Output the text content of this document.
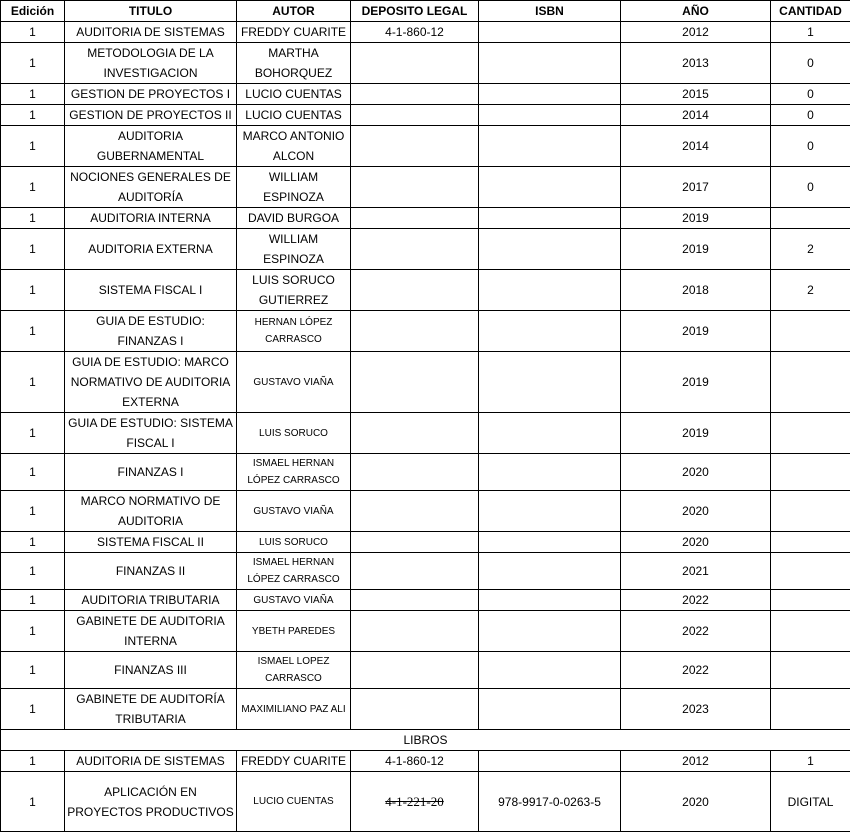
Edición	TITULO	AUTOR	DEPOSITO LEGAL	ISBN	AÑO	CANTIDAD
1	AUDITORIA DE SISTEMAS	FREDDY CUARITE	4-1-860-12		2012	1
1	METODOLOGIA DE LA INVESTIGACION	MARTHA BOHORQUEZ			2013	0
1	GESTION DE PROYECTOS I	LUCIO CUENTAS			2015	0
1	GESTION DE PROYECTOS II	LUCIO CUENTAS			2014	0
1	AUDITORIA GUBERNAMENTAL	MARCO ANTONIO ALCON			2014	0
1	NOCIONES GENERALES DE AUDITORÍA	WILLIAM ESPINOZA			2017	0
1	AUDITORIA INTERNA	DAVID BURGOA			2019	
1	AUDITORIA EXTERNA	WILLIAM ESPINOZA			2019	2
1	SISTEMA FISCAL I	LUIS SORUCO GUTIERREZ			2018	2
1	GUIA DE ESTUDIO: FINANZAS I	HERNAN LÓPEZ CARRASCO			2019	
1	GUIA DE ESTUDIO: MARCO NORMATIVO DE AUDITORIA EXTERNA	GUSTAVO VIAÑA			2019	
1	GUIA DE ESTUDIO: SISTEMA FISCAL I	LUIS SORUCO			2019	
1	FINANZAS I	ISMAEL HERNAN LÓPEZ CARRASCO			2020	
1	MARCO NORMATIVO DE AUDITORIA	GUSTAVO VIAÑA			2020	
1	SISTEMA FISCAL II	LUIS SORUCO			2020	
1	FINANZAS II	ISMAEL HERNAN LÓPEZ CARRASCO			2021	
1	AUDITORIA TRIBUTARIA	GUSTAVO VIAÑA			2022	
1	GABINETE DE AUDITORIA INTERNA	YBETH PAREDES			2022	
1	FINANZAS III	ISMAEL LOPEZ CARRASCO			2022	
1	GABINETE DE AUDITORÍA TRIBUTARIA	MAXIMILIANO PAZ ALI			2023	
LIBROS						
1	AUDITORIA DE SISTEMAS	FREDDY CUARITE	4-1-860-12		2012	1
1	APLICACIÓN EN PROYECTOS PRODUCTIVOS	LUCIO CUENTAS	4-1-221-20	978-9917-0-0263-5	2020	DIGITAL
